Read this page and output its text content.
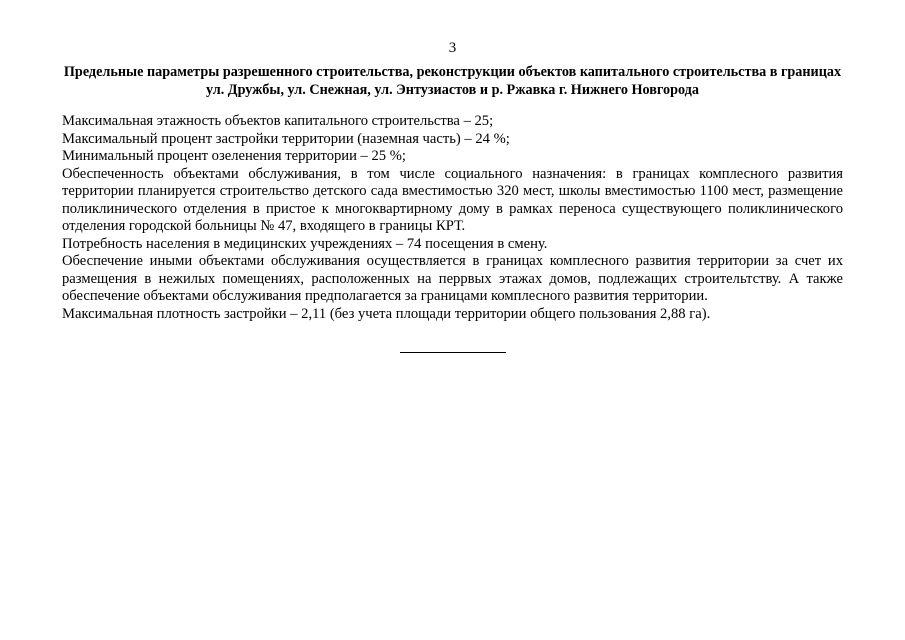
3
Предельные параметры разрешенного строительства, реконструкции объектов капитального строительства в границах ул. Дружбы, ул. Снежная, ул. Энтузиастов и р. Ржавка г. Нижнего Новгорода

Максимальная этажность объектов капитального строительства – 25;

Максимальный процент застройки территории (наземная часть) – 24 %;

Минимальный процент озеленения территории – 25 %;

Обеспеченность объектами обслуживания, в том числе социального назначения: в границах комплесного развития территории планируется строительство детского сада вместимостью 320 мест, школы вместимостью 1100 мест, размещение поликлинического отделения в пристое к многоквартирному дому в рамках переноса существующего поликлинического отделения городской больницы № 47, входящего в границы КРТ.

Потребность населения в медицинских учреждениях – 74 посещения в смену.

Обеспечение иными объектами обслуживания осуществляется в границах комплесного развития территории за счет их размещения в нежилых помещениях, расположенных на перрвых этажах домов, подлежащих строительтству. А также обеспечение объектами обслуживания предполагается за границами комплесного развития территории.

Максимальная плотность застройки – 2,11 (без учета площади территории общего пользования 2,88 га).
